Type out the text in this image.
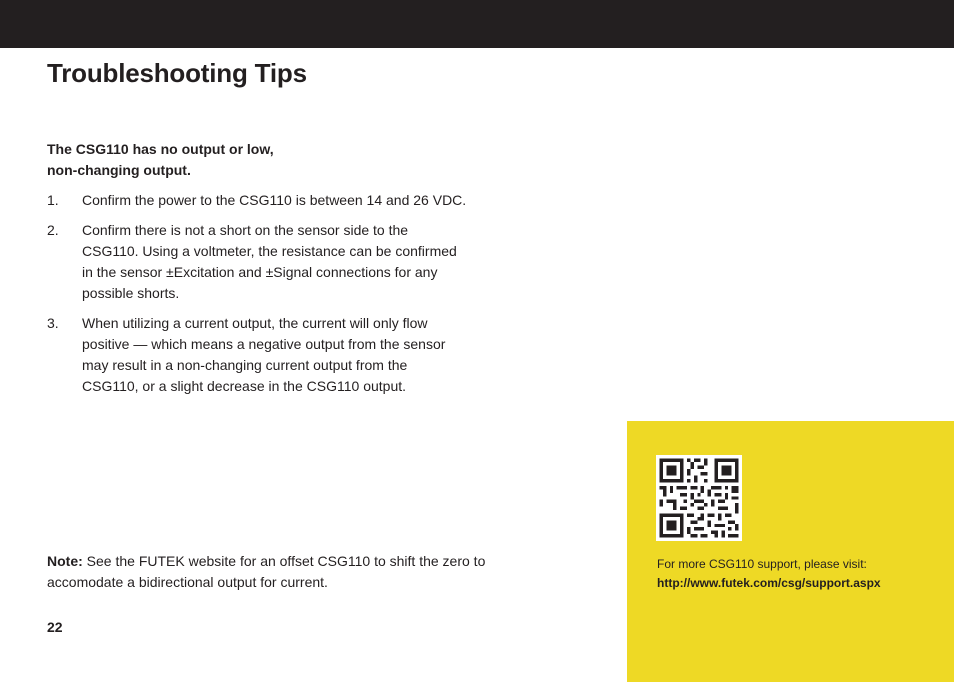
Troubleshooting Tips

The CSG110 has no output or low,
non-changing output.

1. Confirm the power to the CSG110 is between 14 and 26 VDC.
2. Confirm there is not a short on the sensor side to the CSG110. Using a voltmeter, the resistance can be confirmed in the sensor ±Excitation and ±Signal connections for any possible shorts.
3. When utilizing a current output, the current will only flow positive — which means a negative output from the sensor may result in a non-changing current output from the CSG110, or a slight decrease in the CSG110 output.

Note: See the FUTEK website for an offset CSG110 to shift the zero to accomodate a bidirectional output for current.

22
For more CSG110 support, please visit:
http://www.futek.com/csg/support.aspx
